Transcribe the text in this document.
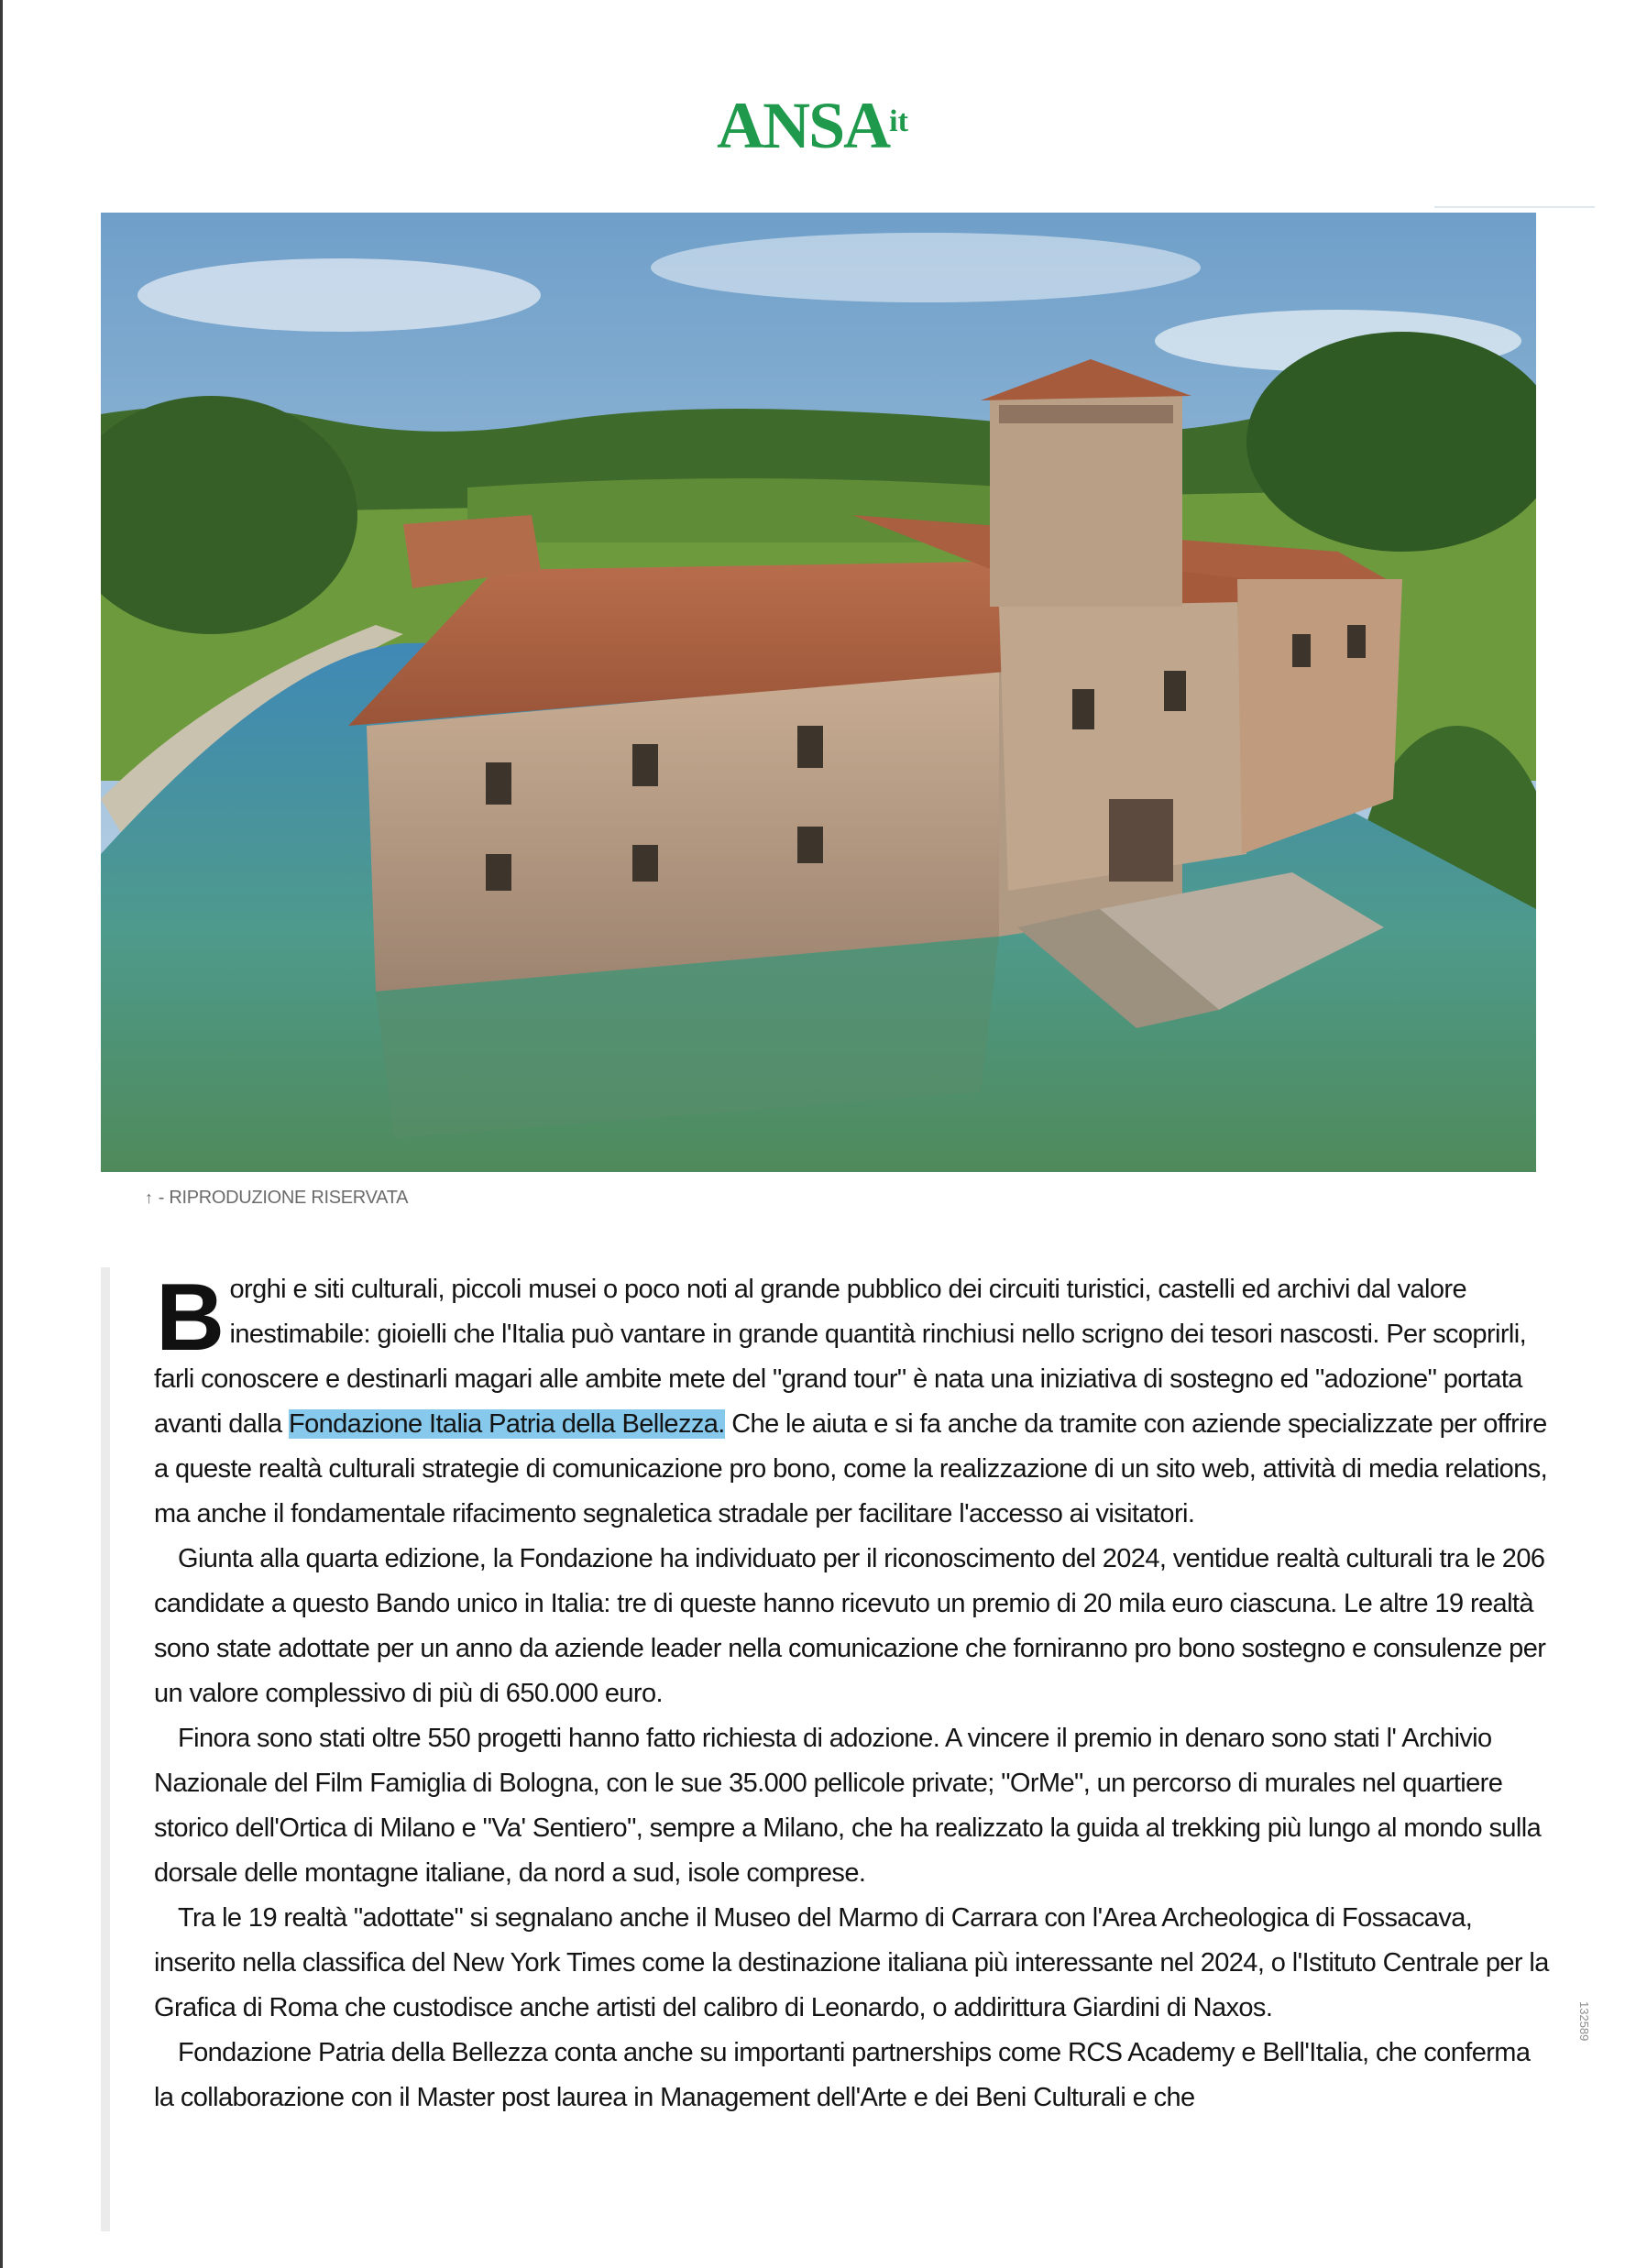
ANSAit
↑ - RIPRODUZIONE RISERVATA

Borghi e siti culturali, piccoli musei o poco noti al grande pubblico dei circuiti turistici, castelli ed archivi dal valore inestimabile: gioielli che l'Italia può vantare in grande quantità rinchiusi nello scrigno dei tesori nascosti. Per scoprirli, farli conoscere e destinarli magari alle ambite mete del "grand tour" è nata una iniziativa di sostegno ed "adozione" portata avanti dalla Fondazione Italia Patria della Bellezza. Che le aiuta e si fa anche da tramite con aziende specializzate per offrire a queste realtà culturali strategie di comunicazione pro bono, come la realizzazione di un sito web, attività di media relations, ma anche il fondamentale rifacimento segnaletica stradale per facilitare l'accesso ai visitatori.

Giunta alla quarta edizione, la Fondazione ha individuato per il riconoscimento del 2024, ventidue realtà culturali tra le 206 candidate a questo Bando unico in Italia: tre di queste hanno ricevuto un premio di 20 mila euro ciascuna. Le altre 19 realtà sono state adottate per un anno da aziende leader nella comunicazione che forniranno pro bono sostegno e consulenze per un valore complessivo di più di 650.000 euro.

Finora sono stati oltre 550 progetti hanno fatto richiesta di adozione. A vincere il premio in denaro sono stati l' Archivio Nazionale del Film Famiglia di Bologna, con le sue 35.000 pellicole private; "OrMe", un percorso di murales nel quartiere storico dell'Ortica di Milano e "Va' Sentiero", sempre a Milano, che ha realizzato la guida al trekking più lungo al mondo sulla dorsale delle montagne italiane, da nord a sud, isole comprese.

Tra le 19 realtà "adottate" si segnalano anche il Museo del Marmo di Carrara con l'Area Archeologica di Fossacava, inserito nella classifica del New York Times come la destinazione italiana più interessante nel 2024, o l'Istituto Centrale per la Grafica di Roma che custodisce anche artisti del calibro di Leonardo, o addirittura Giardini di Naxos.

Fondazione Patria della Bellezza conta anche su importanti partnerships come RCS Academy e Bell'Italia, che conferma la collaborazione con il Master post laurea in Management dell'Arte e dei Beni Culturali e che

132589
